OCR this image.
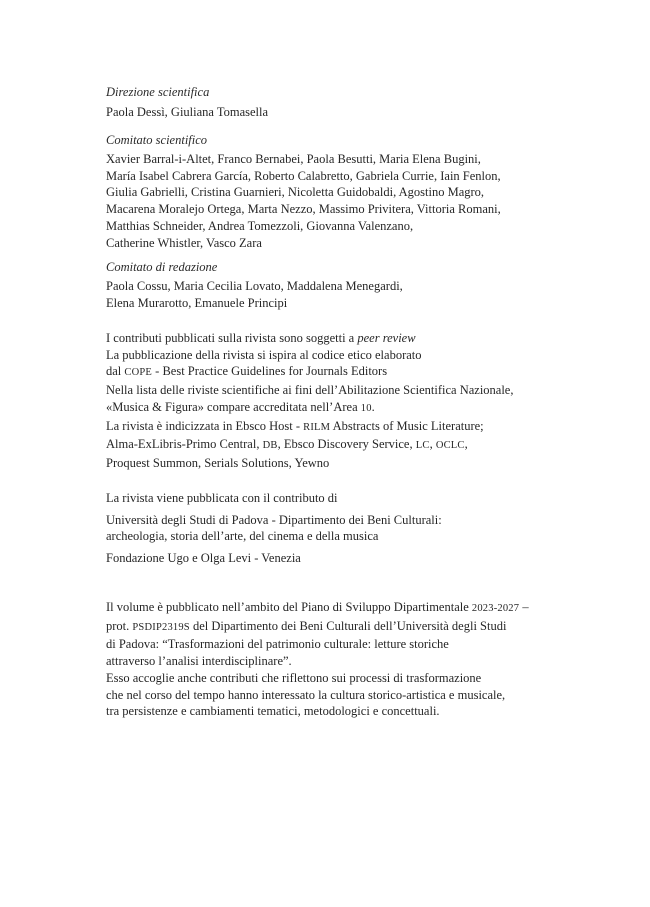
Direzione scientifica
Paola Dessì, Giuliana Tomasella
Comitato scientifico
Xavier Barral-i-Altet, Franco Bernabei, Paola Besutti, Maria Elena Bugini,
María Isabel Cabrera García, Roberto Calabretto, Gabriela Currie, Iain Fenlon,
Giulia Gabrielli, Cristina Guarnieri, Nicoletta Guidobaldi, Agostino Magro,
Macarena Moralejo Ortega, Marta Nezzo, Massimo Privitera, Vittoria Romani,
Matthias Schneider, Andrea Tomezzoli, Giovanna Valenzano,
Catherine Whistler, Vasco Zara
Comitato di redazione
Paola Cossu, Maria Cecilia Lovato, Maddalena Menegardi,
Elena Murarotto, Emanuele Principi
I contributi pubblicati sulla rivista sono soggetti a peer review
La pubblicazione della rivista si ispira al codice etico elaborato
dal COPE - Best Practice Guidelines for Journals Editors
Nella lista delle riviste scientifiche ai fini dell’Abilitazione Scientifica Nazionale,
«Musica & Figura» compare accreditata nell’Area 10.
La rivista è indicizzata in Ebsco Host - RILM Abstracts of Music Literature;
Alma-ExLibris-Primo Central, DB, Ebsco Discovery Service, LC, OCLC,
Proquest Summon, Serials Solutions, Yewno
La rivista viene pubblicata con il contributo di
Università degli Studi di Padova - Dipartimento dei Beni Culturali:
archeologia, storia dell’arte, del cinema e della musica
Fondazione Ugo e Olga Levi - Venezia
Il volume è pubblicato nell’ambito del Piano di Sviluppo Dipartimentale 2023-2027 –
prot. PSDIP2319S del Dipartimento dei Beni Culturali dell’Università degli Studi
di Padova: “Trasformazioni del patrimonio culturale: letture storiche
attraverso l’analisi interdisciplinare”.
Esso accoglie anche contributi che riflettono sui processi di trasformazione
che nel corso del tempo hanno interessato la cultura storico-artistica e musicale,
tra persistenze e cambiamenti tematici, metodologici e concettuali.
